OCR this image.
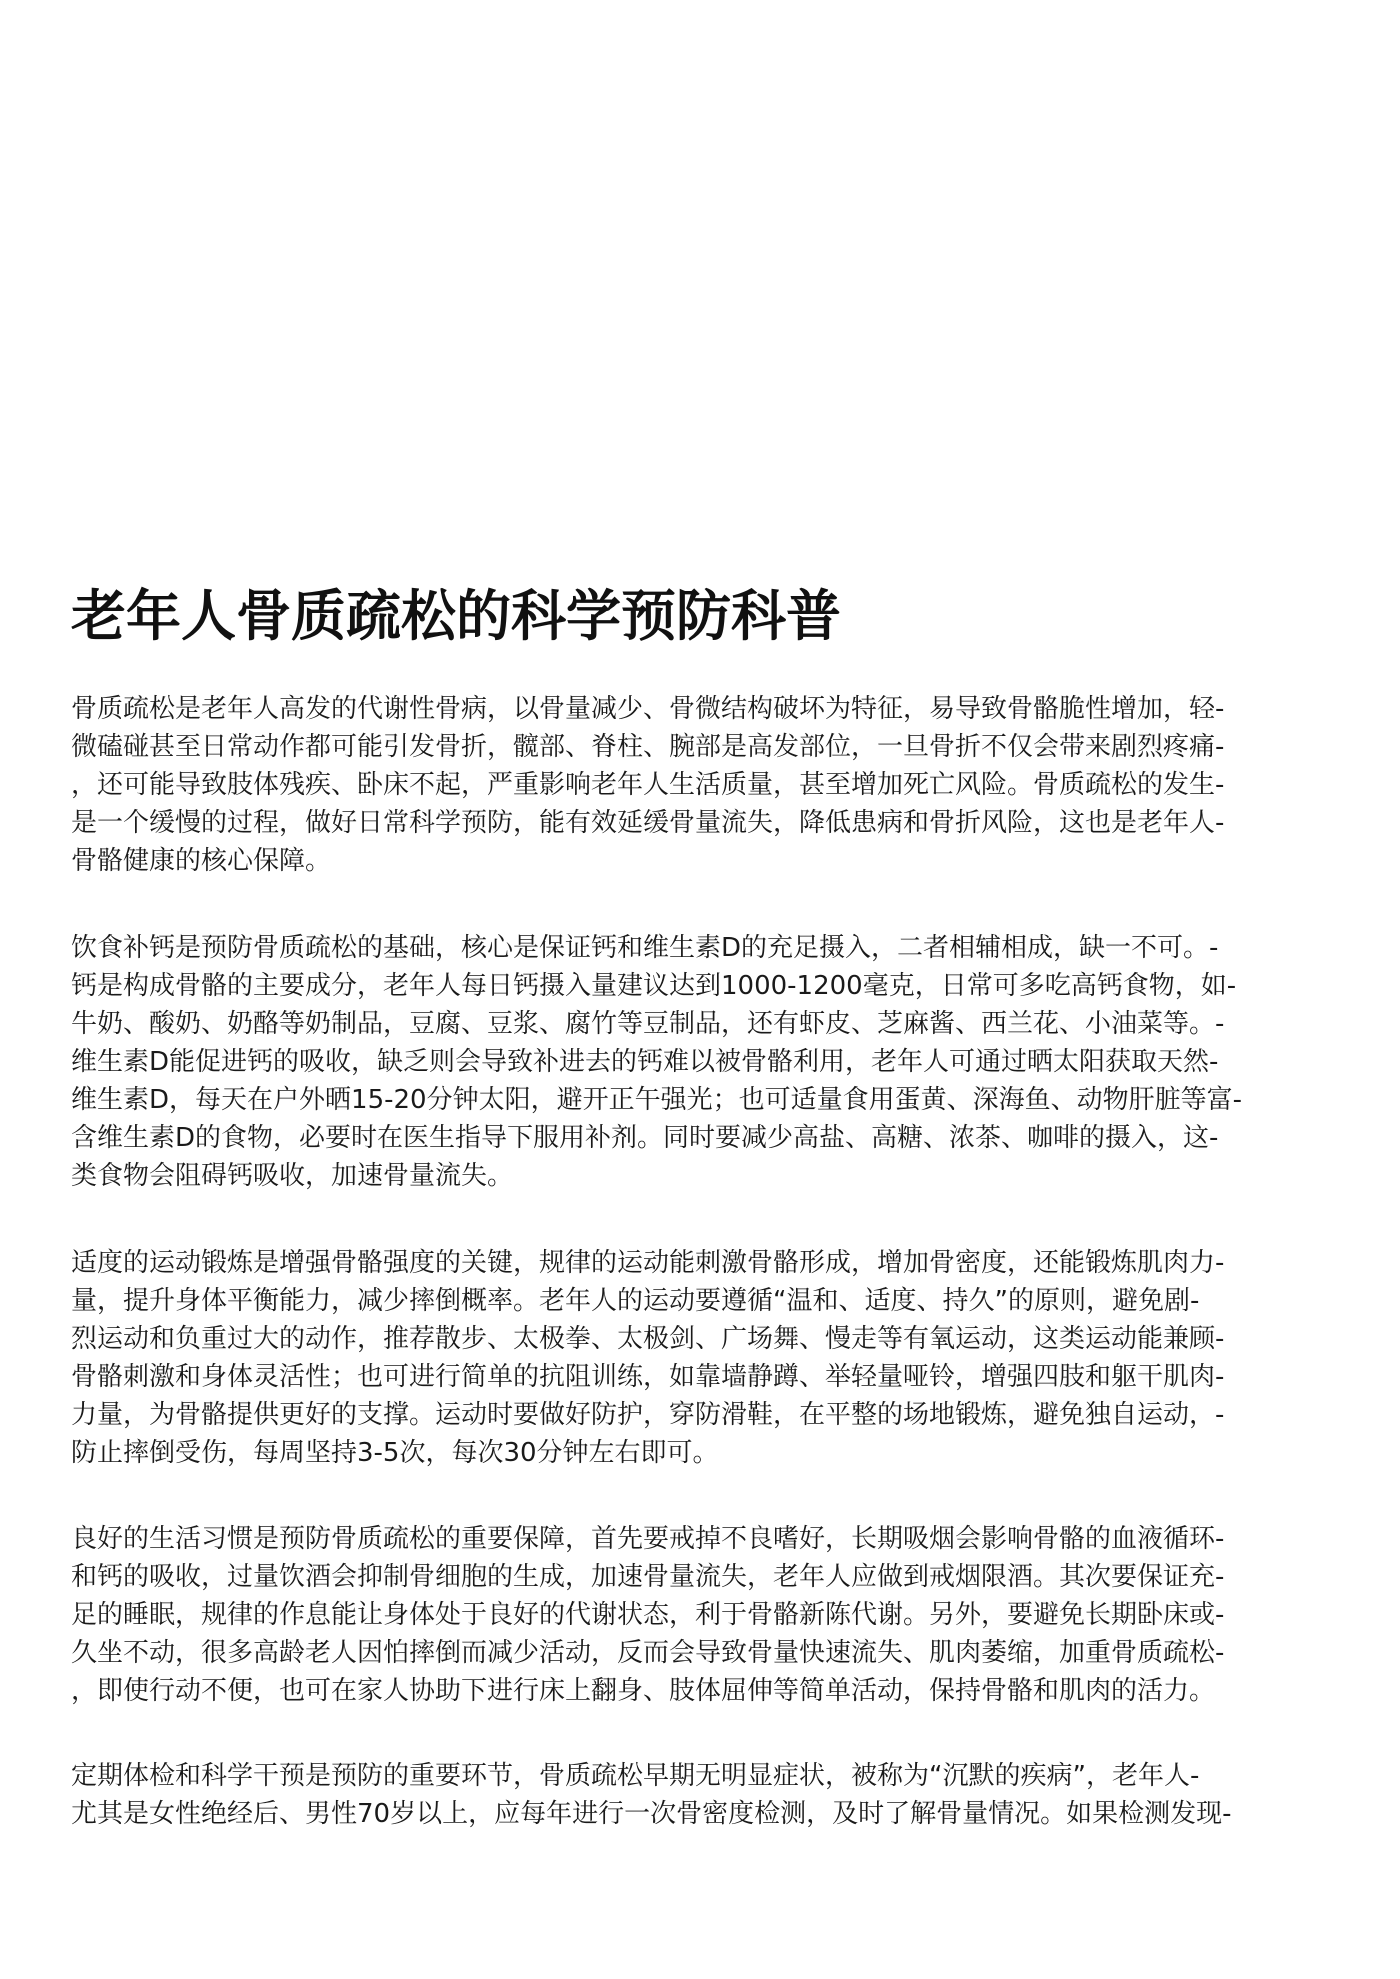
老年人骨质疏松的科学预防科普
骨质疏松是老年人高发的代谢性骨病，以骨量减少、骨微结构破坏为特征，易导致骨骼脆性增加，轻-
微磕碰甚至日常动作都可能引发骨折，髋部、脊柱、腕部是高发部位，一旦骨折不仅会带来剧烈疼痛-
，还可能导致肢体残疾、卧床不起，严重影响老年人生活质量，甚至增加死亡风险。骨质疏松的发生-
是一个缓慢的过程，做好日常科学预防，能有效延缓骨量流失，降低患病和骨折风险，这也是老年人-
骨骼健康的核心保障。
饮食补钙是预防骨质疏松的基础，核心是保证钙和维生素D的充足摄入，二者相辅相成，缺一不可。-
钙是构成骨骼的主要成分，老年人每日钙摄入量建议达到1000-1200毫克，日常可多吃高钙食物，如-
牛奶、酸奶、奶酪等奶制品，豆腐、豆浆、腐竹等豆制品，还有虾皮、芝麻酱、西兰花、小油菜等。-
维生素D能促进钙的吸收，缺乏则会导致补进去的钙难以被骨骼利用，老年人可通过晒太阳获取天然-
维生素D，每天在户外晒15-20分钟太阳，避开正午强光；也可适量食用蛋黄、深海鱼、动物肝脏等富-
含维生素D的食物，必要时在医生指导下服用补剂。同时要减少高盐、高糖、浓茶、咖啡的摄入，这-
类食物会阻碍钙吸收，加速骨量流失。
适度的运动锻炼是增强骨骼强度的关键，规律的运动能刺激骨骼形成，增加骨密度，还能锻炼肌肉力-
量，提升身体平衡能力，减少摔倒概率。老年人的运动要遵循“温和、适度、持久”的原则，避免剧-
烈运动和负重过大的动作，推荐散步、太极拳、太极剑、广场舞、慢走等有氧运动，这类运动能兼顾-
骨骼刺激和身体灵活性；也可进行简单的抗阻训练，如靠墙静蹲、举轻量哑铃，增强四肢和躯干肌肉-
力量，为骨骼提供更好的支撑。运动时要做好防护，穿防滑鞋，在平整的场地锻炼，避免独自运动，-
防止摔倒受伤，每周坚持3-5次，每次30分钟左右即可。
良好的生活习惯是预防骨质疏松的重要保障，首先要戒掉不良嗜好，长期吸烟会影响骨骼的血液循环-
和钙的吸收，过量饮酒会抑制骨细胞的生成，加速骨量流失，老年人应做到戒烟限酒。其次要保证充-
足的睡眠，规律的作息能让身体处于良好的代谢状态，利于骨骼新陈代谢。另外，要避免长期卧床或-
久坐不动，很多高龄老人因怕摔倒而减少活动，反而会导致骨量快速流失、肌肉萎缩，加重骨质疏松-
，即使行动不便，也可在家人协助下进行床上翻身、肢体屈伸等简单活动，保持骨骼和肌肉的活力。
定期体检和科学干预是预防的重要环节，骨质疏松早期无明显症状，被称为“沉默的疾病”，老年人-
尤其是女性绝经后、男性70岁以上，应每年进行一次骨密度检测，及时了解骨量情况。如果检测发现-
